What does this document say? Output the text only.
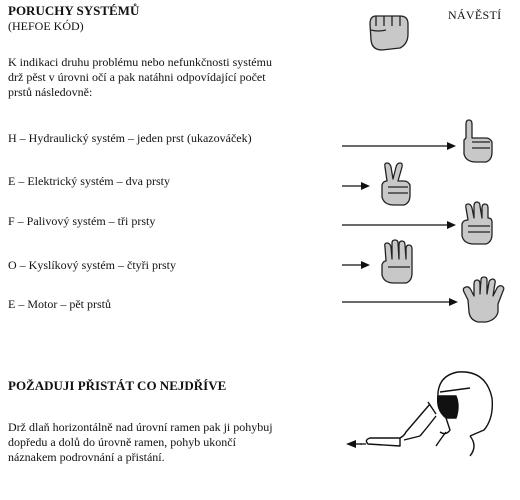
PORUCHY SYSTÉMŮ
(HEFOE KÓD)
NÁVĚSTÍ
K indikaci druhu problému nebo nefunkčnosti systému
drž pěst v úrovni očí a pak natáhni odpovídající počet
prstů následovně:
H – Hydraulický systém – jeden prst (ukazováček)
E – Elektrický systém – dva prsty
F – Palivový systém – tři prsty
O – Kyslíkový systém – čtyři prsty
E – Motor – pět prstů
POŽADUJI PŘISTÁT CO NEJDŘÍVE
Drž dlaň horizontálně nad úrovní ramen pak ji pohybuj
dopředu a dolů do úrovně ramen, pohyb ukončí
náznakem podrovnání a přistání.
